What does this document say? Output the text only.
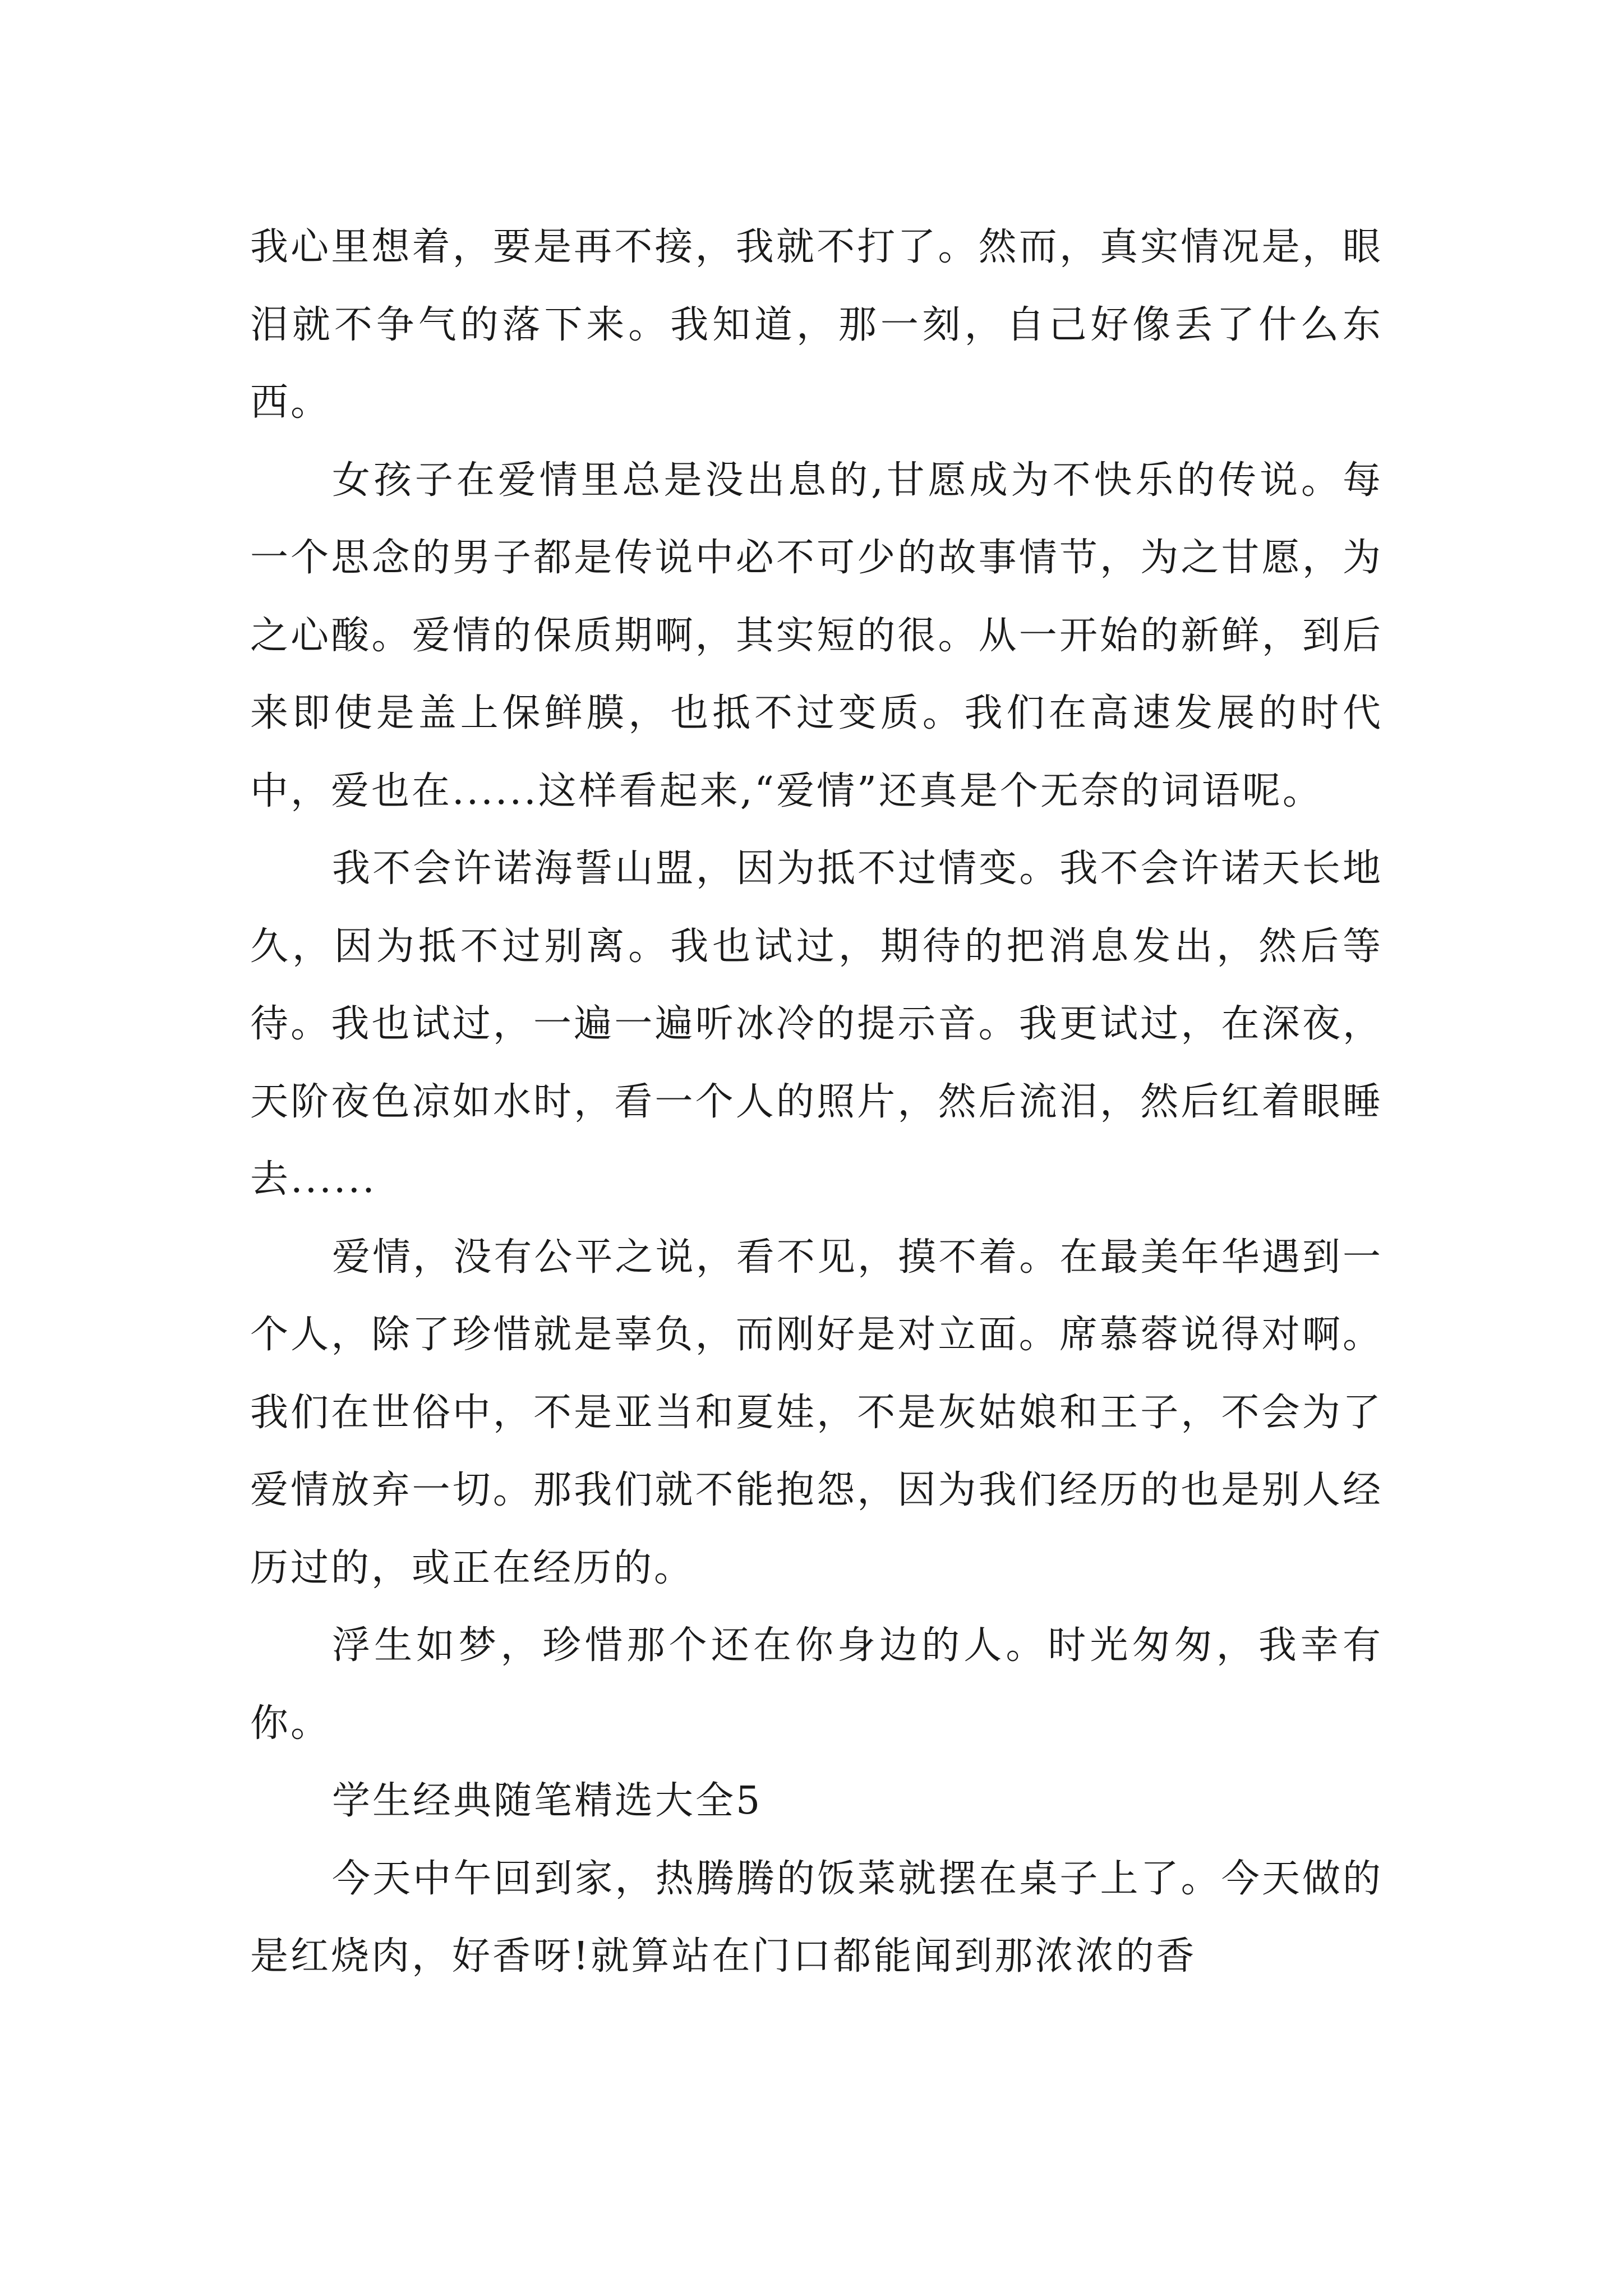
我心里想着，要是再不接，我就不打了。然而，真实情况是，眼泪就不争气的落下来。我知道，那一刻，自己好像丢了什么东西。

女孩子在爱情里总是没出息的,甘愿成为不快乐的传说。每一个思念的男子都是传说中必不可少的故事情节，为之甘愿，为之心酸。爱情的保质期啊，其实短的很。从一开始的新鲜，到后来即使是盖上保鲜膜，也抵不过变质。我们在高速发展的时代中，爱也在......这样看起来,“爱情”还真是个无奈的词语呢。

我不会许诺海誓山盟，因为抵不过情变。我不会许诺天长地久，因为抵不过别离。我也试过，期待的把消息发出，然后等待。我也试过，一遍一遍听冰冷的提示音。我更试过，在深夜，天阶夜色凉如水时，看一个人的照片，然后流泪，然后红着眼睡去......

爱情，没有公平之说，看不见，摸不着。在最美年华遇到一个人，除了珍惜就是辜负，而刚好是对立面。席慕蓉说得对啊。我们在世俗中，不是亚当和夏娃，不是灰姑娘和王子，不会为了爱情放弃一切。那我们就不能抱怨，因为我们经历的也是别人经历过的，或正在经历的。

浮生如梦，珍惜那个还在你身边的人。时光匆匆，我幸有你。

学生经典随笔精选大全5

今天中午回到家，热腾腾的饭菜就摆在桌子上了。今天做的是红烧肉，好香呀!就算站在门口都能闻到那浓浓的香
